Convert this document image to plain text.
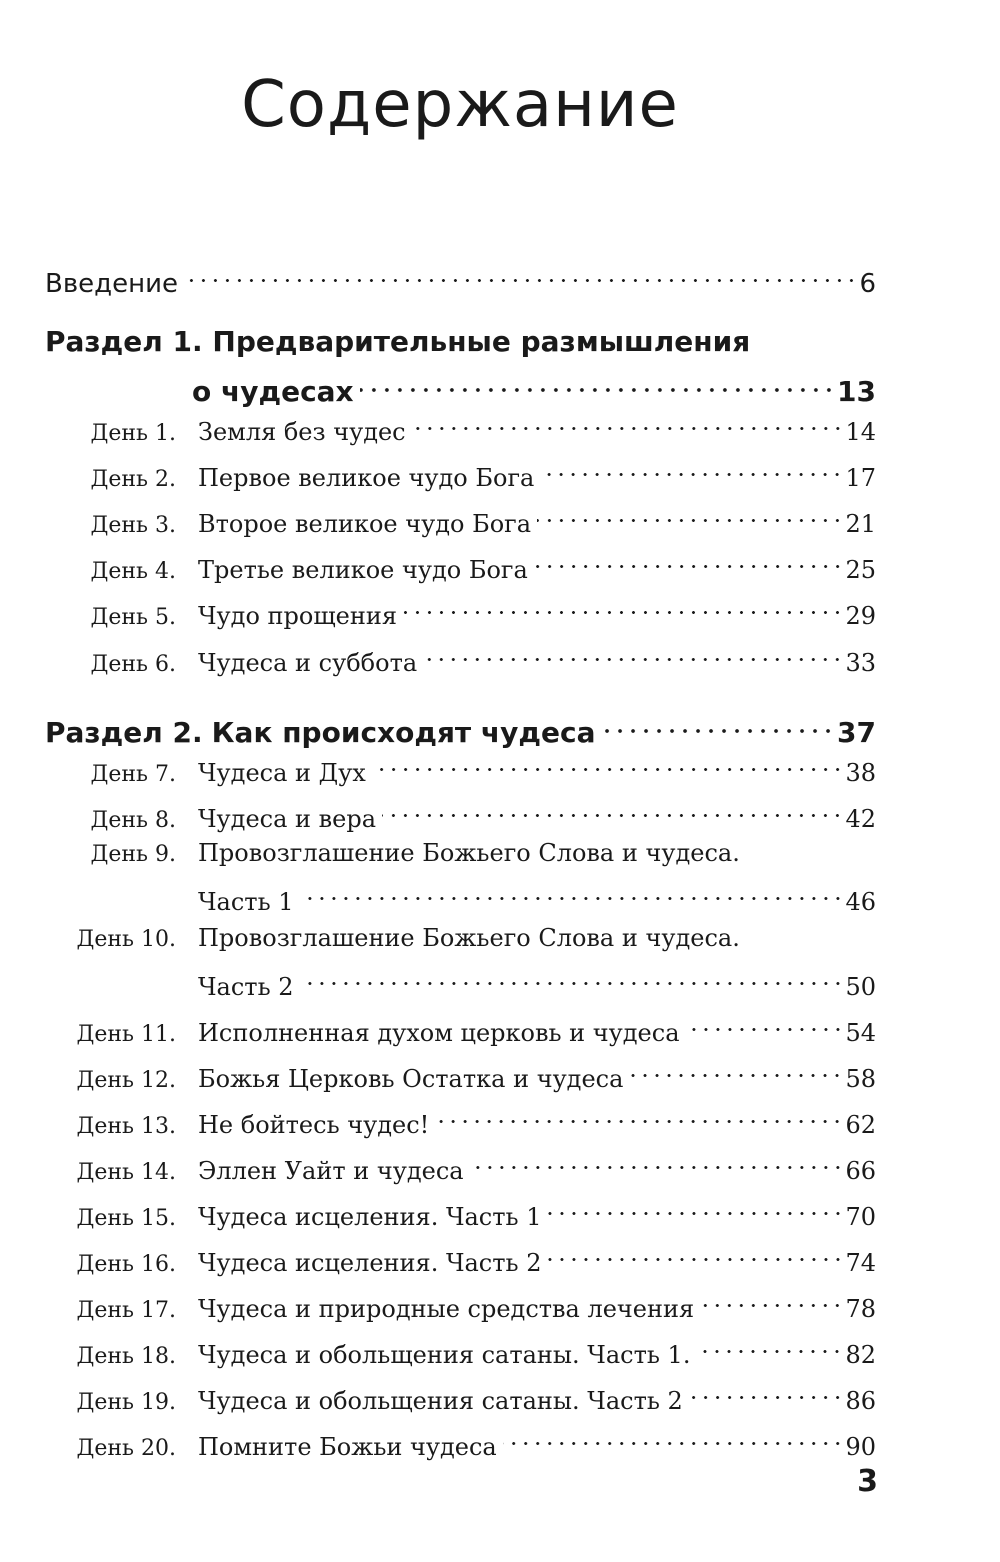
Содержание
Введение	6
Раздел 1. Предварительные размышления
о чудесах	13
День 1. Земля без чудес	14
День 2. Первое великое чудо Бога	17
День 3. Второе великое чудо Бога	21
День 4. Третье великое чудо Бога	25
День 5. Чудо прощения	29
День 6. Чудеса и суббота	33
Раздел 2. Как происходят чудеса	37
День 7. Чудеса и Дух	38
День 8. Чудеса и вера	42
День 9. Провозглашение Божьего Слова и чудеса.
Часть 1	46
День 10. Провозглашение Божьего Слова и чудеса.
Часть 2	50
День 11. Исполненная духом церковь и чудеса	54
День 12. Божья Церковь Остатка и чудеса	58
День 13. Не бойтесь чудес!	62
День 14. Эллен Уайт и чудеса	66
День 15. Чудеса исцеления. Часть 1	70
День 16. Чудеса исцеления. Часть 2	74
День 17. Чудеса и природные средства лечения	78
День 18. Чудеса и обольщения сатаны. Часть 1.	82
День 19. Чудеса и обольщения сатаны. Часть 2	86
День 20. Помните Божьи чудеса	90
3
